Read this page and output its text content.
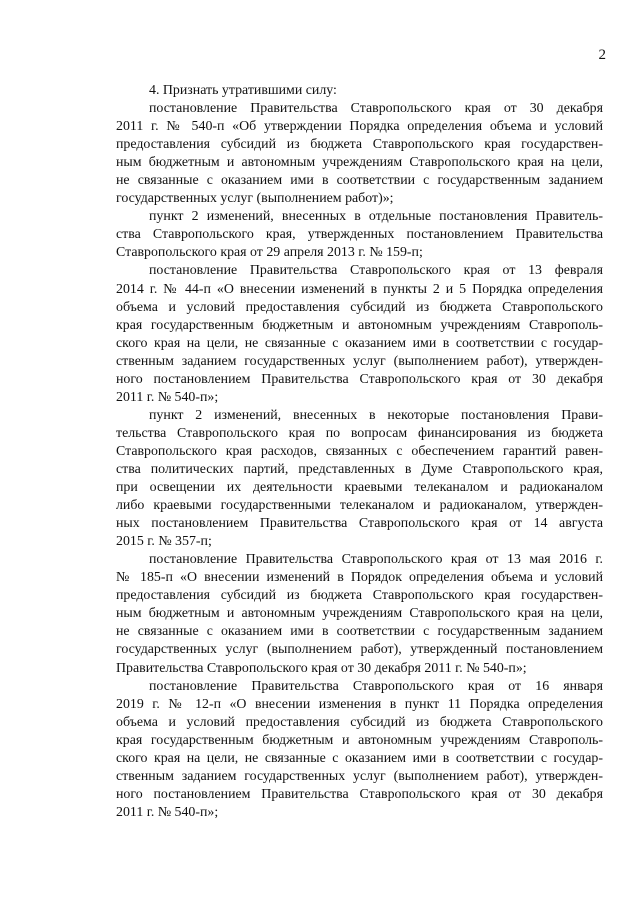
2

4. Признать утратившими силу:

постановление Правительства Ставропольского края от 30 декабря
2011 г. № 540-п «Об утверждении Порядка определения объема и условий
предоставления субсидий из бюджета Ставропольского края государствен-
ным бюджетным и автономным учреждениям Ставропольского края на цели,
не связанные с оказанием ими в соответствии с государственным заданием
государственных услуг (выполнением работ)»;
пункт 2 изменений, внесенных в отдельные постановления Правитель-
ства Ставропольского края, утвержденных постановлением Правительства
Ставропольского края от 29 апреля 2013 г. № 159-п;
постановление Правительства Ставропольского края от 13 февраля
2014 г. № 44-п «О внесении изменений в пункты 2 и 5 Порядка определения
объема и условий предоставления субсидий из бюджета Ставропольского
края государственным бюджетным и автономным учреждениям Ставрополь-
ского края на цели, не связанные с оказанием ими в соответствии с государ-
ственным заданием государственных услуг (выполнением работ), утвержден-
ного постановлением Правительства Ставропольского края от 30 декабря
2011 г. № 540-п»;
пункт 2 изменений, внесенных в некоторые постановления Прави-
тельства Ставропольского края по вопросам финансирования из бюджета
Ставропольского края расходов, связанных с обеспечением гарантий равен-
ства политических партий, представленных в Думе Ставропольского края,
при освещении их деятельности краевыми телеканалом и радиоканалом
либо краевыми государственными телеканалом и радиоканалом, утвержден-
ных постановлением Правительства Ставропольского края от 14 августа
2015 г. № 357-п;
постановление Правительства Ставропольского края от 13 мая 2016 г.
№ 185-п «О внесении изменений в Порядок определения объема и условий
предоставления субсидий из бюджета Ставропольского края государствен-
ным бюджетным и автономным учреждениям Ставропольского края на цели,
не связанные с оказанием ими в соответствии с государственным заданием
государственных услуг (выполнением работ), утвержденный постановлением
Правительства Ставропольского края от 30 декабря 2011 г. № 540-п»;
постановление Правительства Ставропольского края от 16 января
2019 г. № 12-п «О внесении изменения в пункт 11 Порядка определения
объема и условий предоставления субсидий из бюджета Ставропольского
края государственным бюджетным и автономным учреждениям Ставрополь-
ского края на цели, не связанные с оказанием ими в соответствии с государ-
ственным заданием государственных услуг (выполнением работ), утвержден-
ного постановлением Правительства Ставропольского края от 30 декабря
2011 г. № 540-п»;
